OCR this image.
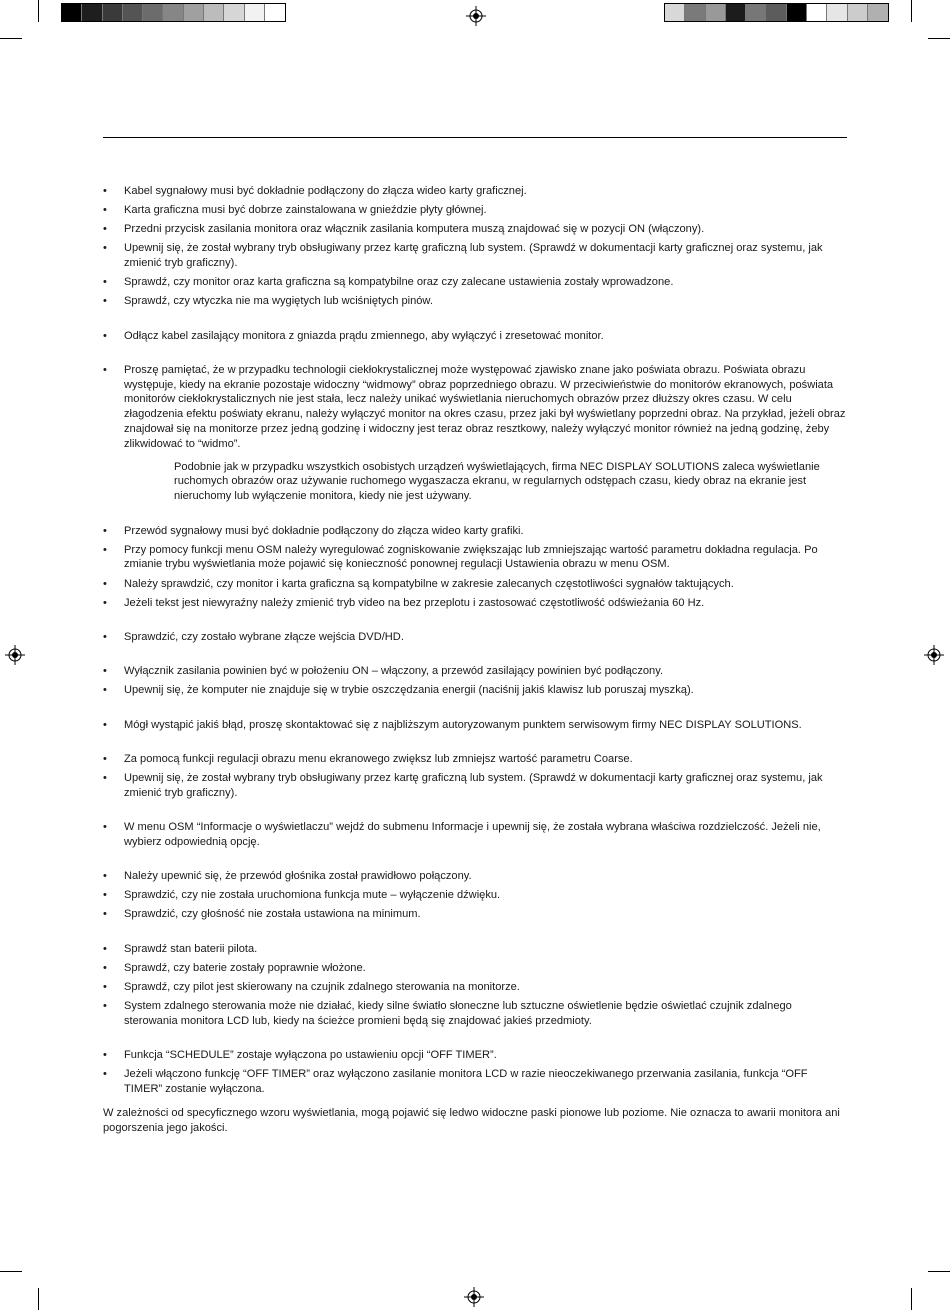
• Kabel sygnałowy musi być dokładnie podłączony do złącza wideo karty graficznej.
• Karta graficzna musi być dobrze zainstalowana w gnieździe płyty głównej.
• Przedni przycisk zasilania monitora oraz włącznik zasilania komputera muszą znajdować się w pozycji ON (włączony).
• Upewnij się, że został wybrany tryb obsługiwany przez kartę graficzną lub system. (Sprawdź w dokumentacji karty graficznej oraz systemu, jak zmienić tryb graficzny).
• Sprawdź, czy monitor oraz karta graficzna są kompatybilne oraz czy zalecane ustawienia zostały wprowadzone.
• Sprawdź, czy wtyczka nie ma wygiętych lub wciśniętych pinów.
• Odłącz kabel zasilający monitora z gniazda prądu zmiennego, aby wyłączyć i zresetować monitor.
• Proszę pamiętać, że w przypadku technologii ciekłokrystalicznej może występować zjawisko znane jako poświata obrazu. Poświata obrazu występuje, kiedy na ekranie pozostaje widoczny “widmowy” obraz poprzedniego obrazu. W przeciwieństwie do monitorów ekranowych, poświata monitorów ciekłokrystalicznych nie jest stała, lecz należy unikać wyświetlania nieruchomych obrazów przez dłuższy okres czasu. W celu złagodzenia efektu poświaty ekranu, należy wyłączyć monitor na okres czasu, przez jaki był wyświetlany poprzedni obraz. Na przykład, jeżeli obraz znajdował się na monitorze przez jedną godzinę i widoczny jest teraz obraz resztkowy, należy wyłączyć monitor również na jedną godzinę, żeby zlikwidować to “widmo”.
Podobnie jak w przypadku wszystkich osobistych urządzeń wyświetlających, firma NEC DISPLAY SOLUTIONS zaleca wyświetlanie ruchomych obrazów oraz używanie ruchomego wygaszacza ekranu, w regularnych odstępach czasu, kiedy obraz na ekranie jest nieruchomy lub wyłączenie monitora, kiedy nie jest używany.
• Przewód sygnałowy musi być dokładnie podłączony do złącza wideo karty grafiki.
• Przy pomocy funkcji menu OSM należy wyregulować zogniskowanie zwiększając lub zmniejszając wartość parametru dokładna regulacja. Po zmianie trybu wyświetlania może pojawić się konieczność ponownej regulacji Ustawienia obrazu w menu OSM.
• Należy sprawdzić, czy monitor i karta graficzna są kompatybilne w zakresie zalecanych częstotliwości sygnałów taktujących.
• Jeżeli tekst jest niewyraźny należy zmienić tryb video na bez przeplotu i zastosować częstotliwość odświeżania 60 Hz.
• Sprawdzić, czy zostało wybrane złącze wejścia DVD/HD.
• Wyłącznik zasilania powinien być w położeniu ON – włączony, a przewód zasilający powinien być podłączony.
• Upewnij się, że komputer nie znajduje się w trybie oszczędzania energii (naciśnij jakiś klawisz lub poruszaj myszką).
• Mógł wystąpić jakiś błąd, proszę skontaktować się z najbliższym autoryzowanym punktem serwisowym firmy NEC DISPLAY SOLUTIONS.
• Za pomocą funkcji regulacji obrazu menu ekranowego zwiększ lub zmniejsz wartość parametru Coarse.
• Upewnij się, że został wybrany tryb obsługiwany przez kartę graficzną lub system. (Sprawdź w dokumentacji karty graficznej oraz systemu, jak zmienić tryb graficzny).
• W menu OSM “Informacje o wyświetlaczu” wejdź do submenu Informacje i upewnij się, że została wybrana właściwa rozdzielczość. Jeżeli nie, wybierz odpowiednią opcję.
• Należy upewnić się, że przewód głośnika został prawidłowo połączony.
• Sprawdzić, czy nie została uruchomiona funkcja mute – wyłączenie dźwięku.
• Sprawdzić, czy głośność nie została ustawiona na minimum.
• Sprawdź stan baterii pilota.
• Sprawdź, czy baterie zostały poprawnie włożone.
• Sprawdź, czy pilot jest skierowany na czujnik zdalnego sterowania na monitorze.
• System zdalnego sterowania może nie działać, kiedy silne światło słoneczne lub sztuczne oświetlenie będzie oświetlać czujnik zdalnego sterowania monitora LCD lub, kiedy na ścieżce promieni będą się znajdować jakieś przedmioty.
• Funkcja “SCHEDULE” zostaje wyłączona po ustawieniu opcji “OFF TIMER”.
• Jeżeli włączono funkcję “OFF TIMER” oraz wyłączono zasilanie monitora LCD w razie nieoczekiwanego przerwania zasilania, funkcja “OFF TIMER” zostanie wyłączona.
W zależności od specyficznego wzoru wyświetlania, mogą pojawić się ledwo widoczne paski pionowe lub poziome. Nie oznacza to awarii monitora ani pogorszenia jego jakości.
